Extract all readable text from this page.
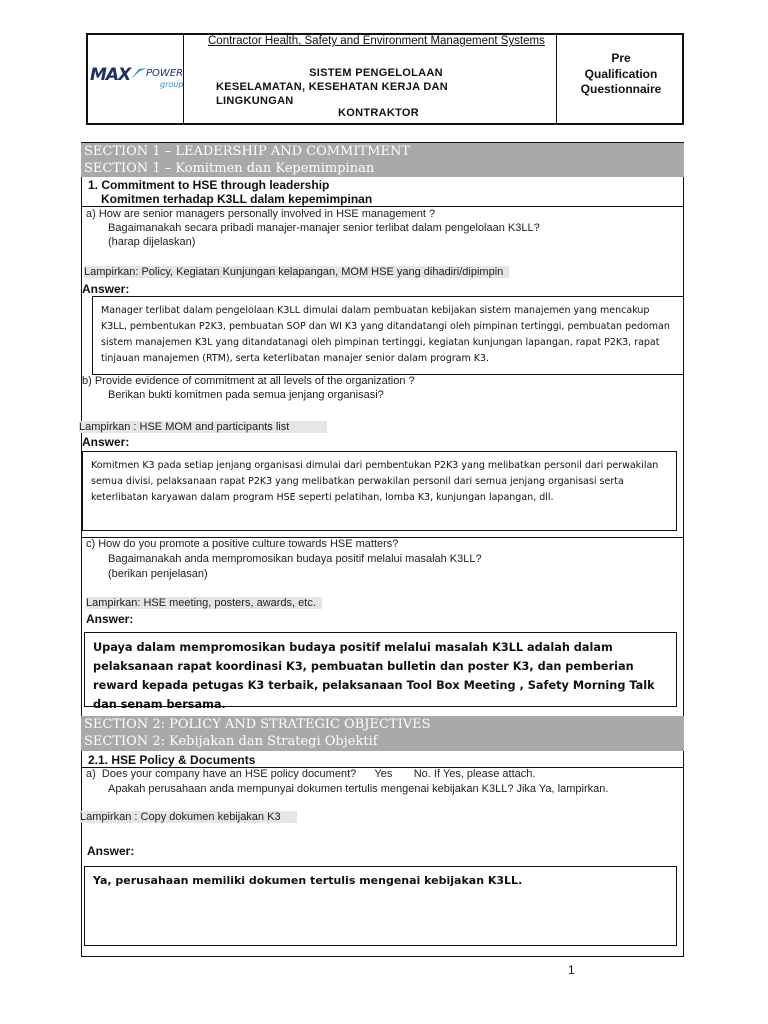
MAX POWER
group
Contractor Health, Safety and Environment Management Systems
SISTEM PENGELOLAAN
KESELAMATAN, KESEHATAN KERJA DAN
LINGKUNGAN
KONTRAKTOR
Pre
Qualification
Questionnaire
SECTION 1 – LEADERSHIP AND COMMITMENT
SECTION 1 – Komitmen dan Kepemimpinan
1. Commitment to HSE through leadership
Komitmen terhadap K3LL dalam kepemimpinan
a) How are senior managers personally involved in HSE management ?
Bagaimanakah secara pribadi manajer-manajer senior terlibat dalam pengelolaan K3LL?
(harap dijelaskan)
Lampirkan: Policy, Kegiatan Kunjungan kelapangan, MOM HSE yang dihadiri/dipimpin
Answer:
Manager terlibat dalam pengelolaan K3LL dimulai dalam pembuatan kebijakan sistem manajemen yang mencakup K3LL, pembentukan P2K3, pembuatan SOP dan WI K3 yang ditandatangi oleh pimpinan tertinggi, pembuatan pedoman sistem manajemen K3L yang ditandatanagi oleh pimpinan tertinggi, kegiatan kunjungan lapangan, rapat P2K3, rapat tinjauan manajemen (RTM), serta keterlibatan manajer senior dalam program K3.
b) Provide evidence of commitment at all levels of the organization ?
Berikan bukti komitmen pada semua jenjang organisasi?
Lampirkan : HSE MOM and participants list
Answer:
Komitmen K3 pada setiap jenjang organisasi dimulai dari pembentukan P2K3 yang melibatkan personil dari perwakilan semua divisi, pelaksanaan rapat P2K3 yang melibatkan perwakilan personil dari semua jenjang organisasi serta keterlibatan karyawan dalam program HSE seperti pelatihan, lomba K3, kunjungan lapangan, dll.
c) How do you promote a positive culture towards HSE matters?
Bagaimanakah anda mempromosikan budaya positif melalui masalah K3LL?
(berikan penjelasan)
Lampirkan: HSE meeting, posters, awards, etc.
Answer:
Upaya dalam mempromosikan budaya positif melalui masalah K3LL adalah dalam pelaksanaan rapat koordinasi K3, pembuatan bulletin dan poster K3, dan pemberian reward kepada petugas K3 terbaik, pelaksanaan Tool Box Meeting , Safety Morning Talk dan senam bersama.
SECTION 2: POLICY AND STRATEGIC OBJECTIVES
SECTION 2: Kebijakan dan Strategi Objektif
2.1. HSE Policy & Documents
a)  Does your company have an HSE policy document?      Yes       No. If Yes, please attach.
Apakah perusahaan anda mempunyai dokumen tertulis mengenai kebijakan K3LL? Jika Ya, lampirkan.
Lampirkan : Copy dokumen kebijakan K3
Answer:
Ya, perusahaan memiliki dokumen tertulis mengenai kebijakan K3LL.
1
